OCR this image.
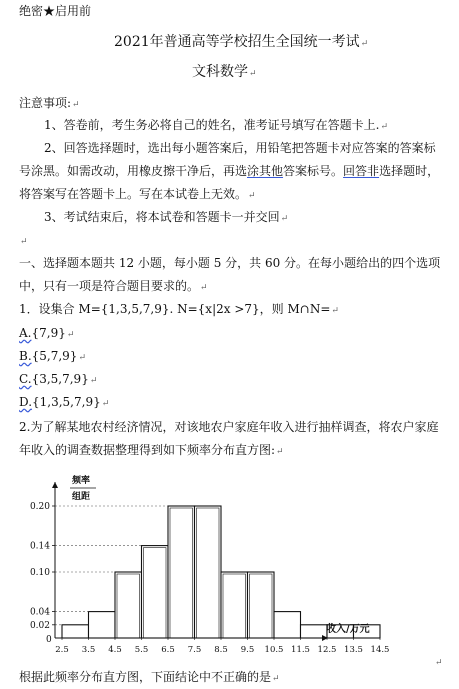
绝密★启用前
2021年普通高等学校招生全国统一考试↵
文科数学↵
注意事项:↵
1、答卷前，考生务必将自己的姓名，准考证号填写在答题卡上.↵
2、回答选择题时，选出每小题答案后，用铅笔把答题卡对应答案的答案标
号涂黑。如需改动，用橡皮擦干净后，再选涂其他答案标号。回答非选择题时，
将答案写在答题卡上。写在本试卷上无效。↵
3、考试结束后，将本试卷和答题卡一并交回↵
↵
一、选择题本题共 12 小题，每小题 5 分，共 60 分。在每小题给出的四个选项
中，只有一项是符合题目要求的。↵
1．设集合 M={1,3,5,7,9}. N={x|2x >7}，则 M∩N=↵
A.{7,9}↵
B.{5,7,9}↵
C.{3,5,7,9}↵
D.{1,3,5,7,9}↵
2.为了解某地农村经济情况，对该地农户家庭年收入进行抽样调查，将农户家庭
年收入的调查数据整理得到如下频率分布直方图:↵
2.5 3.5 4.5 5.5 6.5 7.5 8.5 9.5 10.5 11.5 12.5 13.5 14.5
0.02
0.04
0.10
0.14
0.20
频率
组距
收入/万元
0
根据此频率分布直方图，下面结论中不正确的是↵
↵
